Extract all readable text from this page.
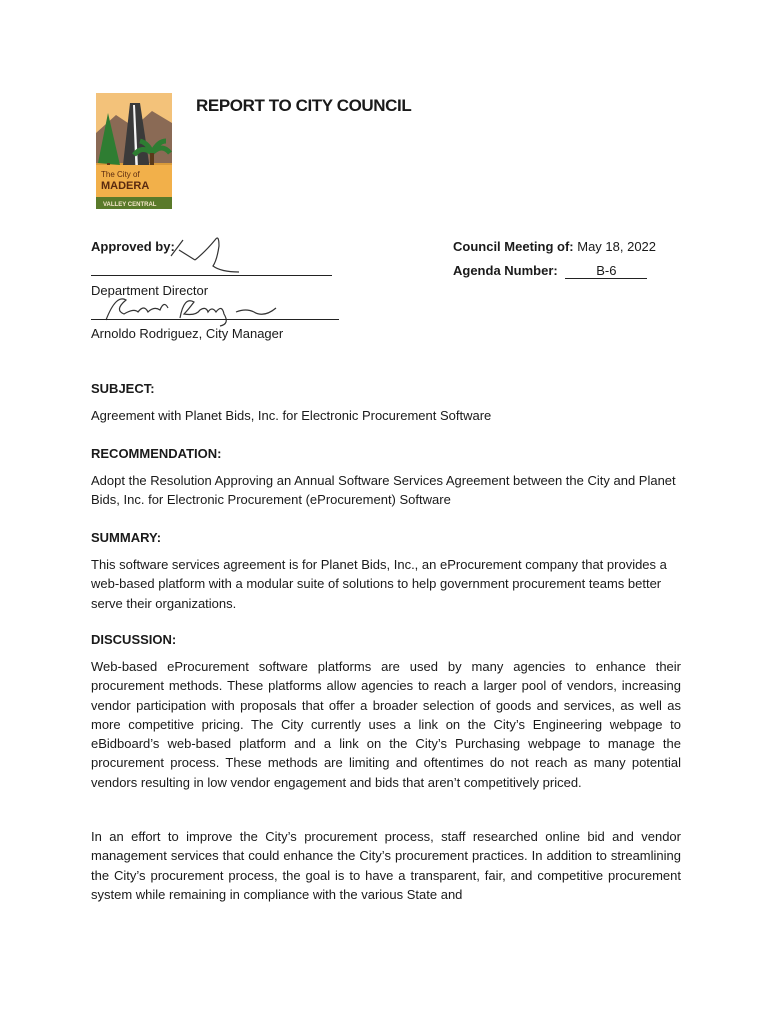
The City of
MADERA
VALLEY CENTRAL
REPORT TO CITY COUNCIL
Approved by:
Department Director
Arnoldo Rodriguez, City Manager
Council Meeting of: May 18, 2022
Agenda Number:	B-6
SUBJECT:
Agreement with Planet Bids, Inc. for Electronic Procurement Software
RECOMMENDATION:
Adopt the Resolution Approving an Annual Software Services Agreement between the City and Planet Bids, Inc. for Electronic Procurement (eProcurement) Software
SUMMARY:
This software services agreement is for Planet Bids, Inc., an eProcurement company that provides a web-based platform with a modular suite of solutions to help government procurement teams better serve their organizations.
DISCUSSION:
Web-based eProcurement software platforms are used by many agencies to enhance their procurement methods. These platforms allow agencies to reach a larger pool of vendors, increasing vendor participation with proposals that offer a broader selection of goods and services, as well as more competitive pricing. The City currently uses a link on the City’s Engineering webpage to eBidboard’s web-based platform and a link on the City’s Purchasing webpage to manage the procurement process. These methods are limiting and oftentimes do not reach as many potential vendors resulting in low vendor engagement and bids that aren’t competitively priced.
In an effort to improve the City’s procurement process, staff researched online bid and vendor management services that could enhance the City’s procurement practices. In addition to streamlining the City’s procurement process, the goal is to have a transparent, fair, and competitive procurement system while remaining in compliance with the various State and
